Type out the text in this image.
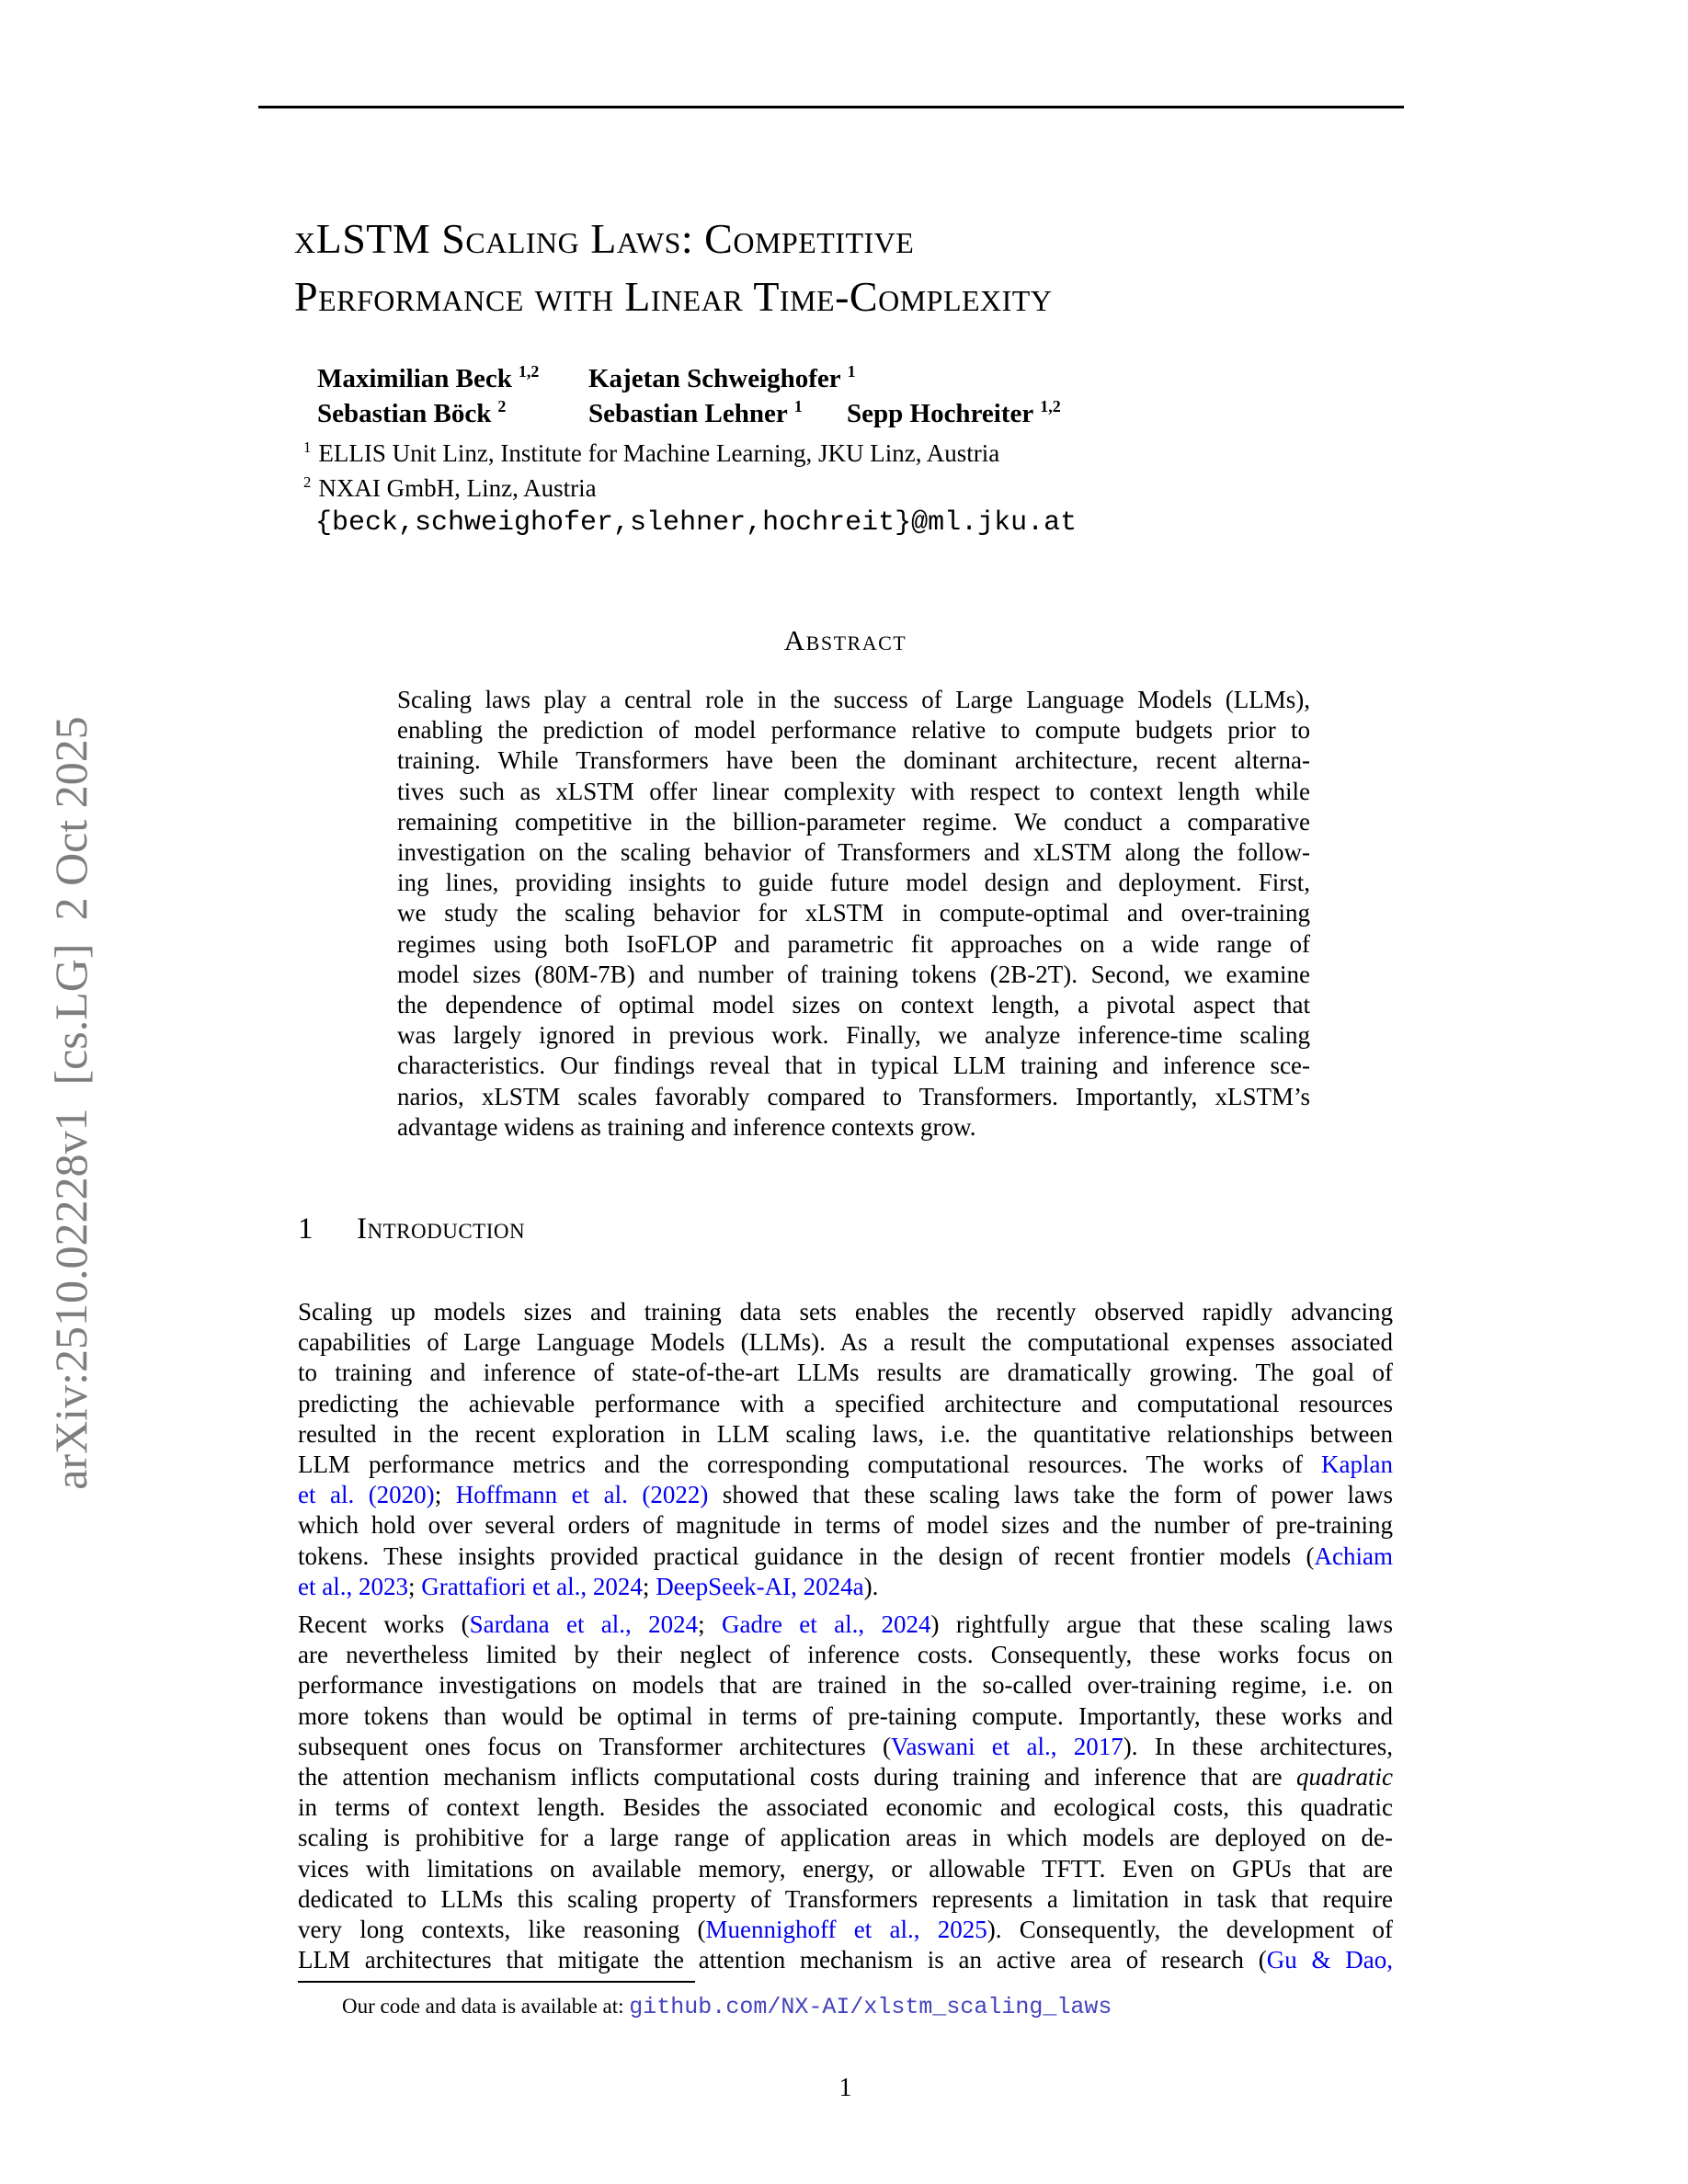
arXiv:2510.02228v1  [cs.LG]  2 Oct 2025
xLSTM Scaling Laws: Competitive
Performance with Linear Time-Complexity
Maximilian Beck $^{1,2}$	Kajetan Schweighofer $^1$
Sebastian Böck $^2$	Sebastian Lehner $^1$	Sepp Hochreiter $^{1,2}$
$^1$ ELLIS Unit Linz, Institute for Machine Learning, JKU Linz, Austria
$^2$ NXAI GmbH, Linz, Austria
{beck,schweighofer,slehner,hochreit}@ml.jku.at
Abstract
Scaling laws play a central role in the success of Large Language Models (LLMs),
enabling the prediction of model performance relative to compute budgets prior to
training. While Transformers have been the dominant architecture, recent alterna-
tives such as xLSTM offer linear complexity with respect to context length while
remaining competitive in the billion-parameter regime. We conduct a comparative
investigation on the scaling behavior of Transformers and xLSTM along the follow-
ing lines, providing insights to guide future model design and deployment. First,
we study the scaling behavior for xLSTM in compute-optimal and over-training
regimes using both IsoFLOP and parametric fit approaches on a wide range of
model sizes (80M-7B) and number of training tokens (2B-2T). Second, we examine
the dependence of optimal model sizes on context length, a pivotal aspect that
was largely ignored in previous work. Finally, we analyze inference-time scaling
characteristics. Our findings reveal that in typical LLM training and inference sce-
narios, xLSTM scales favorably compared to Transformers. Importantly, xLSTM’s
advantage widens as training and inference contexts grow.
1 Introduction
Scaling up models sizes and training data sets enables the recently observed rapidly advancing
capabilities of Large Language Models (LLMs). As a result the computational expenses associated
to training and inference of state-of-the-art LLMs results are dramatically growing. The goal of
predicting the achievable performance with a specified architecture and computational resources
resulted in the recent exploration in LLM scaling laws, i.e. the quantitative relationships between
LLM performance metrics and the corresponding computational resources. The works of Kaplan
et al. (2020); Hoffmann et al. (2022) showed that these scaling laws take the form of power laws
which hold over several orders of magnitude in terms of model sizes and the number of pre-training
tokens. These insights provided practical guidance in the design of recent frontier models (Achiam
et al., 2023; Grattafiori et al., 2024; DeepSeek-AI, 2024a).
Recent works (Sardana et al., 2024; Gadre et al., 2024) rightfully argue that these scaling laws
are nevertheless limited by their neglect of inference costs. Consequently, these works focus on
performance investigations on models that are trained in the so-called over-training regime, i.e. on
more tokens than would be optimal in terms of pre-taining compute. Importantly, these works and
subsequent ones focus on Transformer architectures (Vaswani et al., 2017). In these architectures,
the attention mechanism inflicts computational costs during training and inference that are quadratic
in terms of context length. Besides the associated economic and ecological costs, this quadratic
scaling is prohibitive for a large range of application areas in which models are deployed on de-
vices with limitations on available memory, energy, or allowable TFTT. Even on GPUs that are
dedicated to LLMs this scaling property of Transformers represents a limitation in task that require
very long contexts, like reasoning (Muennighoff et al., 2025). Consequently, the development of
LLM architectures that mitigate the attention mechanism is an active area of research (Gu & Dao,
Our code and data is available at: github.com/NX-AI/xlstm_scaling_laws
1
